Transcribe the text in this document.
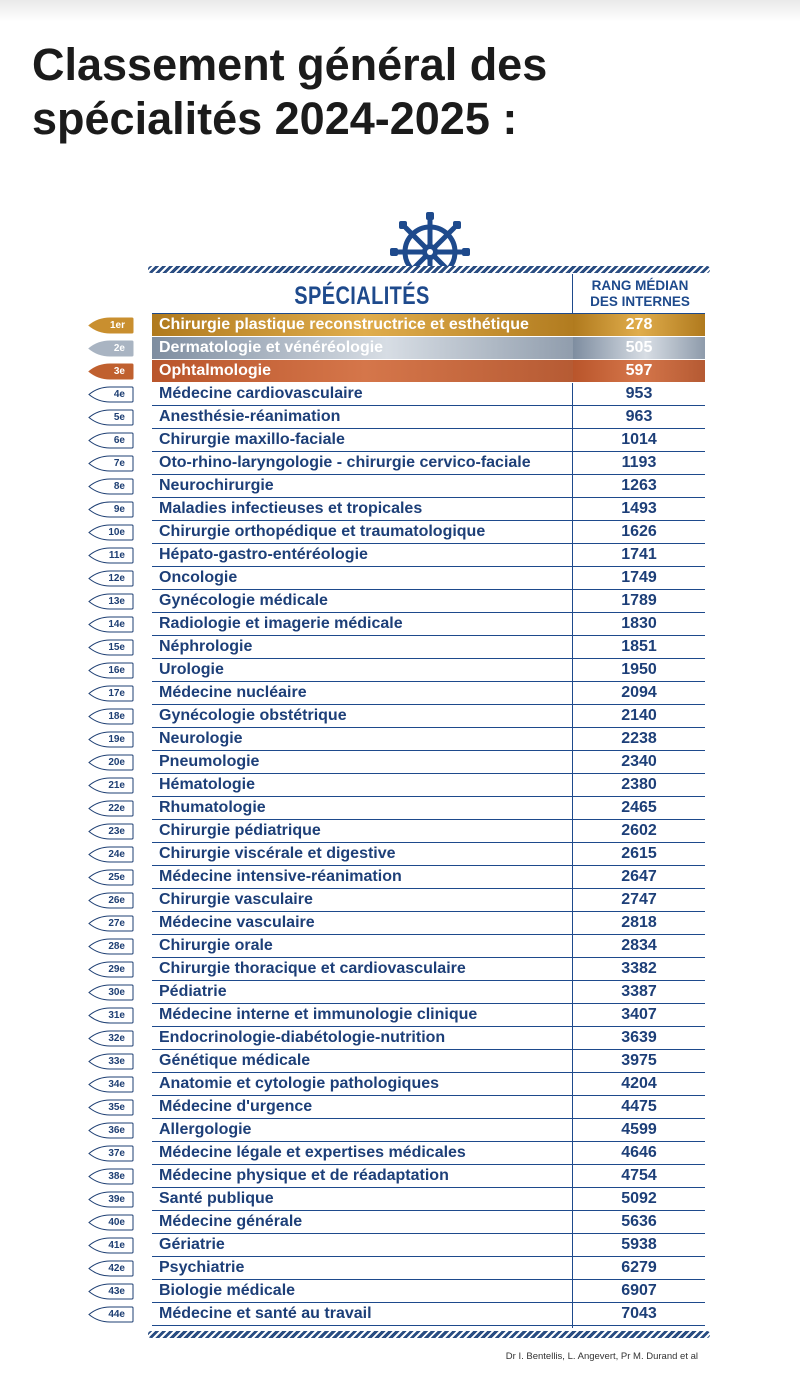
Classement général des spécialités 2024-2025 :
SPÉCIALITÉS	RANG MÉDIAN
DES INTERNES
1er	Chirurgie plastique reconstructrice et esthétique	278
2e	Dermatologie et vénéréologie	505
3e	Ophtalmologie	597
4e	Médecine cardiovasculaire	953
5e	Anesthésie-réanimation	963
6e	Chirurgie maxillo-faciale	1014
7e	Oto-rhino-laryngologie - chirurgie cervico-faciale	1193
8e	Neurochirurgie	1263
9e	Maladies infectieuses et tropicales	1493
10e	Chirurgie orthopédique et traumatologique	1626
11e	Hépato-gastro-entéréologie	1741
12e	Oncologie	1749
13e	Gynécologie médicale	1789
14e	Radiologie et imagerie médicale	1830
15e	Néphrologie	1851
16e	Urologie	1950
17e	Médecine nucléaire	2094
18e	Gynécologie obstétrique	2140
19e	Neurologie	2238
20e	Pneumologie	2340
21e	Hématologie	2380
22e	Rhumatologie	2465
23e	Chirurgie pédiatrique	2602
24e	Chirurgie viscérale et digestive	2615
25e	Médecine intensive-réanimation	2647
26e	Chirurgie vasculaire	2747
27e	Médecine vasculaire	2818
28e	Chirurgie orale	2834
29e	Chirurgie thoracique et cardiovasculaire	3382
30e	Pédiatrie	3387
31e	Médecine interne et immunologie clinique	3407
32e	Endocrinologie-diabétologie-nutrition	3639
33e	Génétique médicale	3975
34e	Anatomie et cytologie pathologiques	4204
35e	Médecine d'urgence	4475
36e	Allergologie	4599
37e	Médecine légale et expertises médicales	4646
38e	Médecine physique et de réadaptation	4754
39e	Santé publique	5092
40e	Médecine générale	5636
41e	Gériatrie	5938
42e	Psychiatrie	6279
43e	Biologie médicale	6907
44e	Médecine et santé au travail	7043
Dr I. Bentellis, L. Angevert, Pr M. Durand et al
